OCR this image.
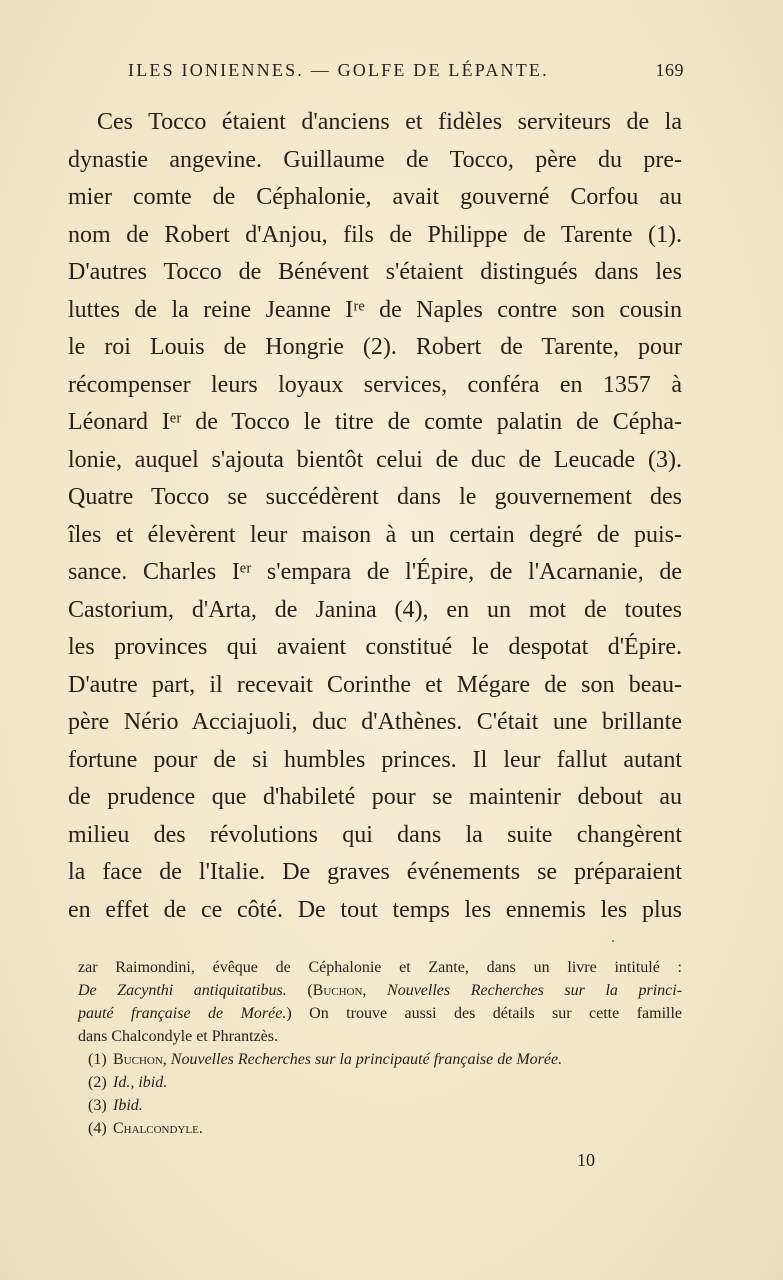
ILES IONIENNES. — GOLFE DE LÉPANTE.	169
Ces Tocco étaient d'anciens et fidèles serviteurs de la
dynastie angevine. Guillaume de Tocco, père du pre-
mier comte de Céphalonie, avait gouverné Corfou au
nom de Robert d'Anjou, fils de Philippe de Tarente (1).
D'autres Tocco de Bénévent s'étaient distingués dans les
luttes de la reine Jeanne Iʳᵉ de Naples contre son cousin
le roi Louis de Hongrie (2). Robert de Tarente, pour
récompenser leurs loyaux services, conféra en 1357 à
Léonard Iᵉʳ de Tocco le titre de comte palatin de Cépha-
lonie, auquel s'ajouta bientôt celui de duc de Leucade (3).
Quatre Tocco se succédèrent dans le gouvernement des
îles et élevèrent leur maison à un certain degré de puis-
sance. Charles Iᵉʳ s'empara de l'Épire, de l'Acarnanie, de
Castorium, d'Arta, de Janina (4), en un mot de toutes
les provinces qui avaient constitué le despotat d'Épire.
D'autre part, il recevait Corinthe et Mégare de son beau-
père Nério Acciajuoli, duc d'Athènes. C'était une brillante
fortune pour de si humbles princes. Il leur fallut autant
de prudence que d'habileté pour se maintenir debout au
milieu des révolutions qui dans la suite changèrent
la face de l'Italie. De graves événements se préparaient
en effet de ce côté. De tout temps les ennemis les plus
zar Raimondini, évêque de Céphalonie et Zante, dans un livre intitulé :
De Zacynthi antiquitatibus. (Buchon, Nouvelles Recherches sur la princi-
pauté française de Morée.) On trouve aussi des détails sur cette famille
dans Chalcondyle et Phrantzès.
(1) Buchon, Nouvelles Recherches sur la principauté française de Morée.
(2) Id., ibid.
(3) Ibid.
(4) Chalcondyle.
10
